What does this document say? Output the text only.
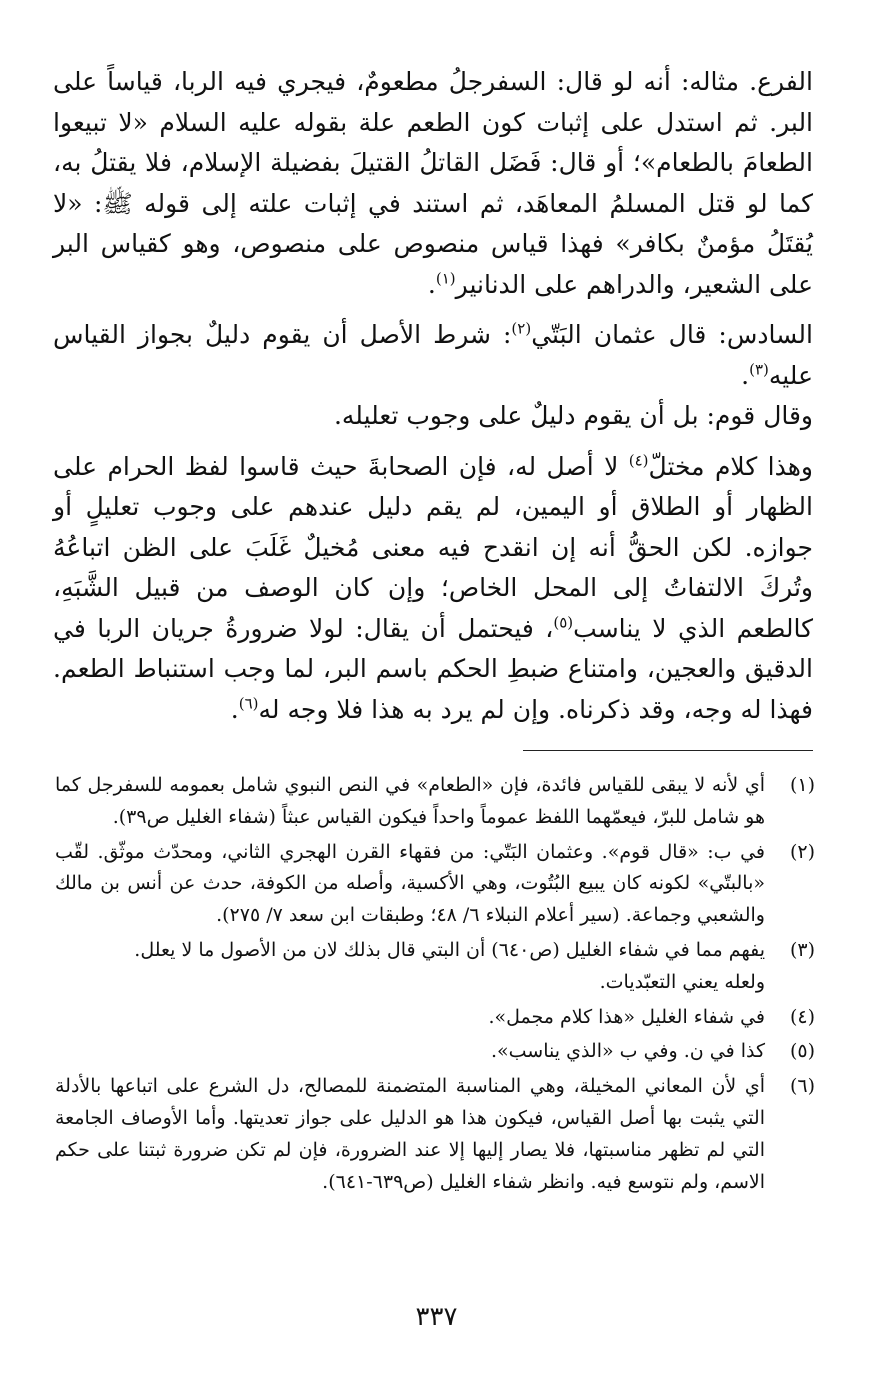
الفرع. مثاله: أنه لو قال: السفرجلُ مطعومٌ، فيجري فيه الربا، قياساً على البر. ثم استدل على إثبات كون الطعم علة بقوله عليه السلام «لا تبيعوا الطعامَ بالطعام»؛ أو قال: فَضَل القاتلُ القتيلَ بفضيلة الإسلام، فلا يقتلُ به، كما لو قتل المسلمُ المعاهَد، ثم استند في إثبات علته إلى قوله ﷺ: «لا يُقتَلُ مؤمنٌ بكافر» فهذا قياس منصوص على منصوص، وهو كقياس البر على الشعير، والدراهم على الدنانير$^{(١)}$.

السادس: قال عثمان البَتّي$^{(٢)}$: شرط الأصل أن يقوم دليلٌ بجواز القياس عليه$^{(٣)}$.
وقال قوم: بل أن يقوم دليلٌ على وجوب تعليله.

وهذا كلام مختلّ$^{(٤)}$ لا أصل له، فإن الصحابةَ حيث قاسوا لفظ الحرام على الظهار أو الطلاق أو اليمين، لم يقم دليل عندهم على وجوب تعليلٍ أو جوازه. لكن الحقُّ أنه إن انقدح فيه معنى مُخيلٌ غَلَبَ على الظن اتباعُهُ وتُركَ الالتفاتُ إلى المحل الخاص؛ وإن كان الوصف من قبيل الشَّبَهِ، كالطعم الذي لا يناسب$^{(٥)}$، فيحتمل أن يقال: لولا ضرورةُ جريان الربا في الدقيق والعجين، وامتناع ضبطِ الحكم باسم البر، لما وجب استنباط الطعم. فهذا له وجه، وقد ذكرناه. وإن لم يرد به هذا فلا وجه له$^{(٦)}$.

(١)
أي لأنه لا يبقى للقياس فائدة، فإن «الطعام» في النص النبوي شامل بعمومه للسفرجل كما هو شامل للبرّ، فيعمّهما اللفظ عموماً واحداً فيكون القياس عبثاً (شفاء الغليل ص٣٩).
(٢)
في ب: «قال قوم». وعثمان البَتّي: من فقهاء القرن الهجري الثاني، ومحدّث موثّق. لقّب «بالبتّي» لكونه كان يبيع البُتُوت، وهي الأكسية، وأصله من الكوفة، حدث عن أنس بن مالك والشعبي وجماعة. (سير أعلام النبلاء ٦/ ٤٨؛ وطبقات ابن سعد ٧/ ٢٧٥).
(٣)
يفهم مما في شفاء الغليل (ص٦٤٠) أن البتي قال بذلك لان من الأصول ما لا يعلل.
ولعله يعني التعبّديات.
(٤)
في شفاء الغليل «هذا كلام مجمل».
(٥)
كذا في ن. وفي ب «الذي يناسب».
(٦)
أي لأن المعاني المخيلة، وهي المناسبة المتضمنة للمصالح، دل الشرع على اتباعها بالأدلة التي يثبت بها أصل القياس، فيكون هذا هو الدليل على جواز تعديتها. وأما الأوصاف الجامعة التي لم تظهر مناسبتها، فلا يصار إليها إلا عند الضرورة، فإن لم تكن ضرورة ثبتنا على حكم الاسم، ولم نتوسع فيه. وانظر شفاء الغليل (ص٦٣٩-٦٤١).
٣٣٧
